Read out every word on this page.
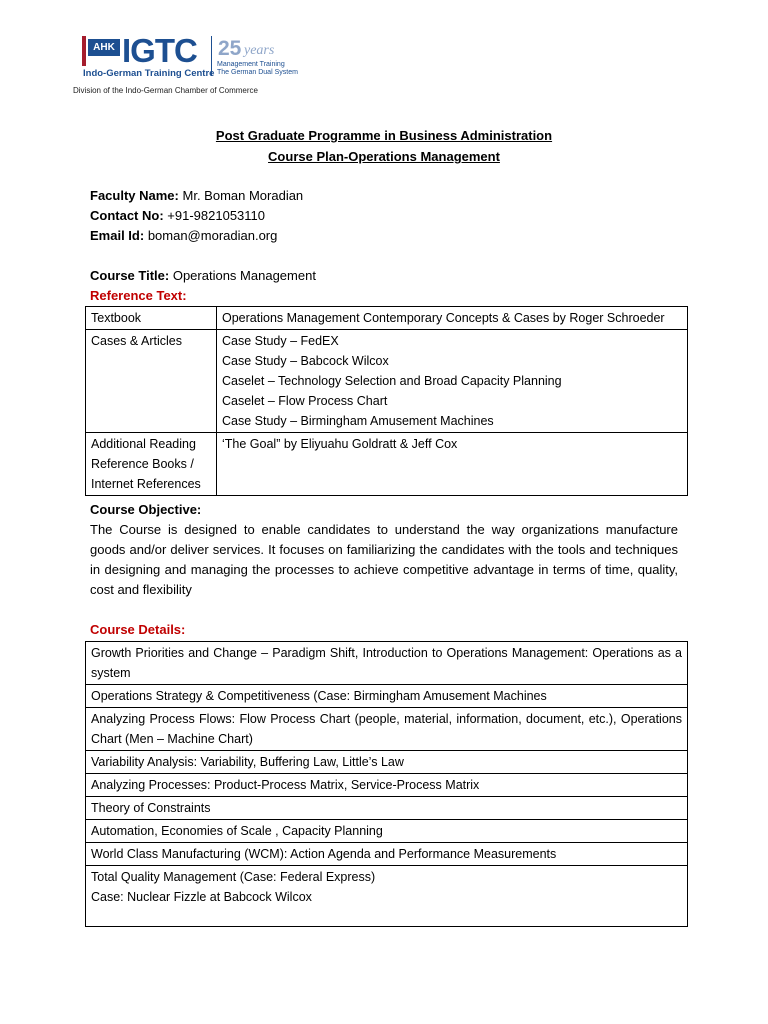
AHK IGTC 25 years
Management Training
The German Dual System
Indo-German Training Centre
Division of the Indo-German Chamber of Commerce
Post Graduate Programme in Business Administration
Course Plan-Operations Management
Faculty Name: Mr. Boman Moradian
Contact No: +91-9821053110
Email Id: boman@moradian.org
Course Title: Operations Management
Reference Text:
Textbook	Operations Management Contemporary Concepts & Cases by Roger Schroeder
Cases & Articles	Case Study – FedEX
Case Study – Babcock Wilcox
Caselet – Technology Selection and Broad Capacity Planning
Caselet – Flow Process Chart
Case Study – Birmingham Amusement Machines

Additional Reading
Reference Books /
Internet References	‘The Goal” by Eliyuahu Goldratt & Jeff Cox
Course Objective:
The Course is designed to enable candidates to understand the way organizations manufacture goods and/or deliver services. It focuses on familiarizing the candidates with the tools and techniques in designing and managing the processes to achieve competitive advantage in terms of time, quality, cost and flexibility
Course Details:
Growth Priorities and Change – Paradigm Shift, Introduction to Operations Management: Operations as a system
Operations Strategy & Competitiveness (Case: Birmingham Amusement Machines
Analyzing Process Flows: Flow Process Chart (people, material, information, document, etc.), Operations Chart (Men – Machine Chart)
Variability Analysis: Variability, Buffering Law, Little’s Law
Analyzing Processes: Product-Process Matrix, Service-Process Matrix
Theory of Constraints
Automation, Economies of Scale , Capacity Planning
World Class Manufacturing (WCM): Action Agenda and Performance Measurements

Total Quality Management (Case: Federal Express)
Case: Nuclear Fizzle at Babcock Wilcox
